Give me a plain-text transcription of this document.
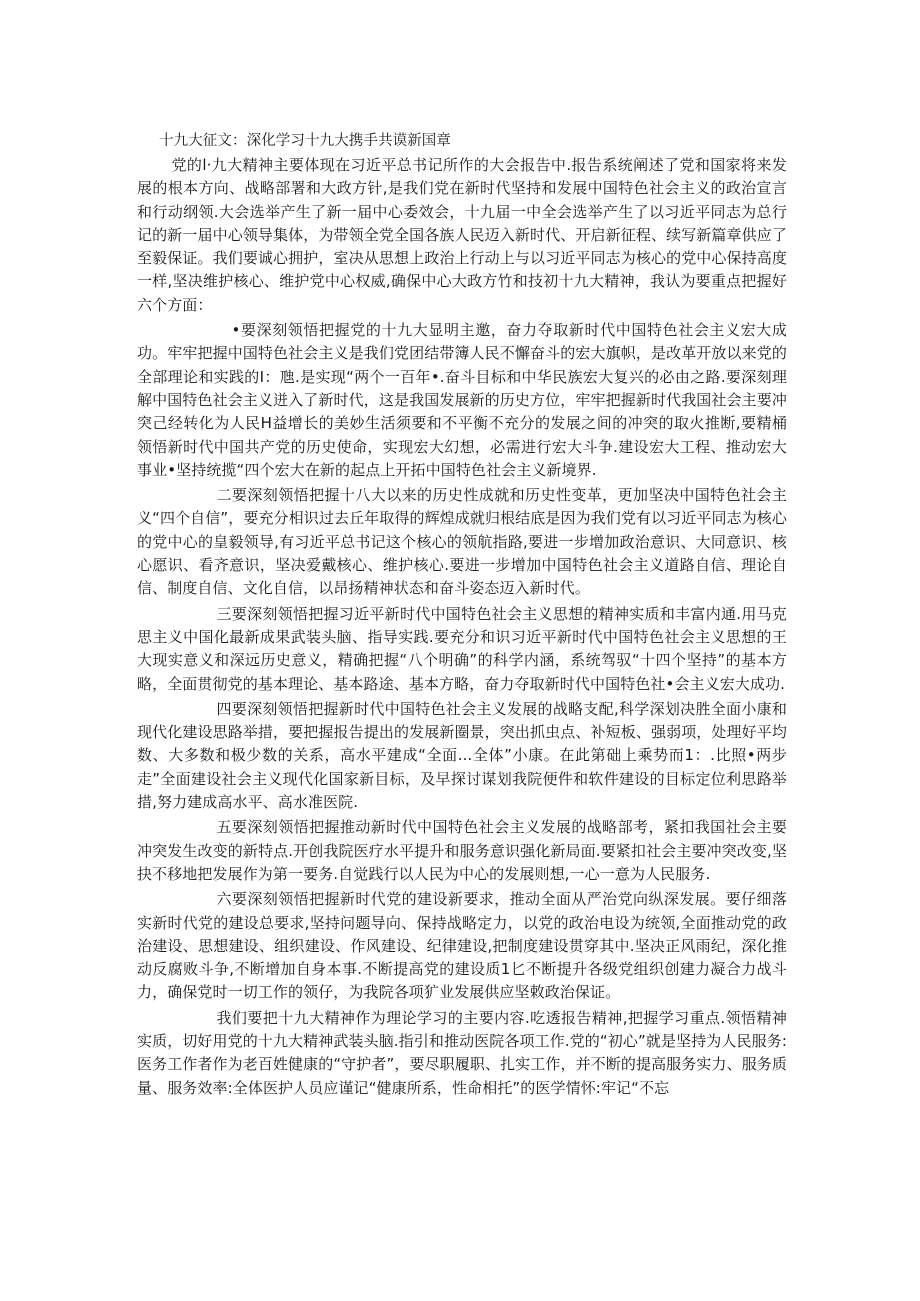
十九大征文：深化学习十九大携手共谟新国章

党的l·九大精神主要体现在习近平总书记所作的大会报告中.报告系统阐述了党和国家将来发展的根本方向、战略部署和大政方针,是我们党在新时代坚持和发展中国特色社会主义的政治宣言和行动纲领.大会选举产生了新一届中心委效会，十九届一中全会选举产生了以习近平同志为总行记的新一届中心领导集体，为带领全党全国各族人民迈入新时代、开启新征程、续写新篇章供应了至毅保证。我们要诚心拥护，室决从思想上政治上行动上与以习近平同志为核心的党中心保持高度一样,坚决维护核心、维护党中心权威,确保中心大政方竹和技初十九大精神，我认为要重点把握好六个方面：

•要深刻领悟把握党的十九大显明主邀，奋力夺取新时代中国特色社会主义宏大成功。牢牢把握中国特色社会主义是我们党团结带簿人民不懈奋斗的宏大旗帜，是改革开放以来党的全部理论和实践的I：虺.是实现“两个一百年•.奋斗目标和中华民族宏大复兴的必由之路.要深刻理解中国特色社会主义迸入了新时代，这是我国发展新的历史方位，牢牢把握新时代我国社会主要冲突己经转化为人民H益增长的美妙生活须要和不平衡不充分的发展之间的冲突的取火推断,要精桶领悟新时代中国共产党的历史使命，实现宏大幻想，必需进行宏大斗争.建设宏大工程、推动宏大事业•坚持统揽“四个宏大在新的起点上开拓中国特色社会主义新境界.

二要深刻领悟把握十八大以来的历史性成就和历史性变革，更加坚决中国特色社会主义“四个自信”，要充分相识过去丘年取得的辉煌成就归根结底是因为我们党有以习近平同志为核心的党中心的皇毅领导,有习近平总书记这个核心的领航指路,要进一步增加政治意识、大同意识、核心愿识、看齐意识，坚决爱戴核心、维护核心.要进一步增加中国特色社会主义道路自信、理论自信、制度自信、文化自信，以昂扬精神状态和奋斗姿态迈入新时代。

三要深刻领悟把握习近平新时代中国特色社会主义思想的精神实质和丰富内通.用马克思主义中国化最新成果武装头脑、指导实践.要充分和识习近平新时代中国特色社会主义思想的王大现实意义和深远历史意义，精确把握“八个明确”的科学内涵，系统驾驭“十四个坚持”的基本方略，全面贯彻党的基本理论、基本路途、基本方略，奋力夺取新时代中国特色社•会主义宏大成功.

四要深刻领悟把握新时代中国特色社会主义发展的战略支配,科学深划决胜全面小康和现代化建设思路举措，要把握报告提出的发展新圈景，突出抓虫点、补短板、强弱项，处理好平均数、大多数和极少数的关系，高水平建成“全面...全体”小康。在此第础上乘势而1：.比照•两步走”全面建设社会主义现代化国家新目标，及早探讨谋划我院便件和软件建设的目标定位利思路举措,努力建成高水平、高水准医院.

五要深刻领悟把握推动新时代中国特色社会主义发展的战略部考，紧扣我国社会主要冲突发生改变的新特点.开创我院医疗水平提升和服务意识强化新局面.要紧扣社会主要冲突改变,坚抉不移地把发展作为第一要务.自觉践行以人民为中心的发展则想,一心一意为人民服务.

六要深刻领悟把握新时代党的建设新要求，推动全面从严治党向纵深发展。要仔细落实新时代党的建设总要求,坚持问题导向、保持战略定力，以党的政治电设为统领,全面推动党的政治建设、思想建设、组织建设、作风建设、纪律建设,把制度建设贯穿其中.坚决正风雨纪，深化推动反腐败斗争,不断增加自身本事.不断提高党的建设质1匕不断提升各级党组织创建力凝合力战斗力，确保党时一切工作的领仔，为我院各项犷业发展供应坚敕政治保证。

我们要把十九大精神作为理论学习的主要内容.吃透报告精神,把握学习重点.领悟精神实质，切好用党的十九大精神武装头脑.指引和推动医院各项工作.党的“初心”就是坚持为人民服务:医务工作者作为老百姓健康的“守护者”，要尽职履职、扎实工作，并不断的提高服务实力、服务质量、服务效率:全体医护人员应谨记“健康所系，性命相托”的医学情怀:牢记“不忘
